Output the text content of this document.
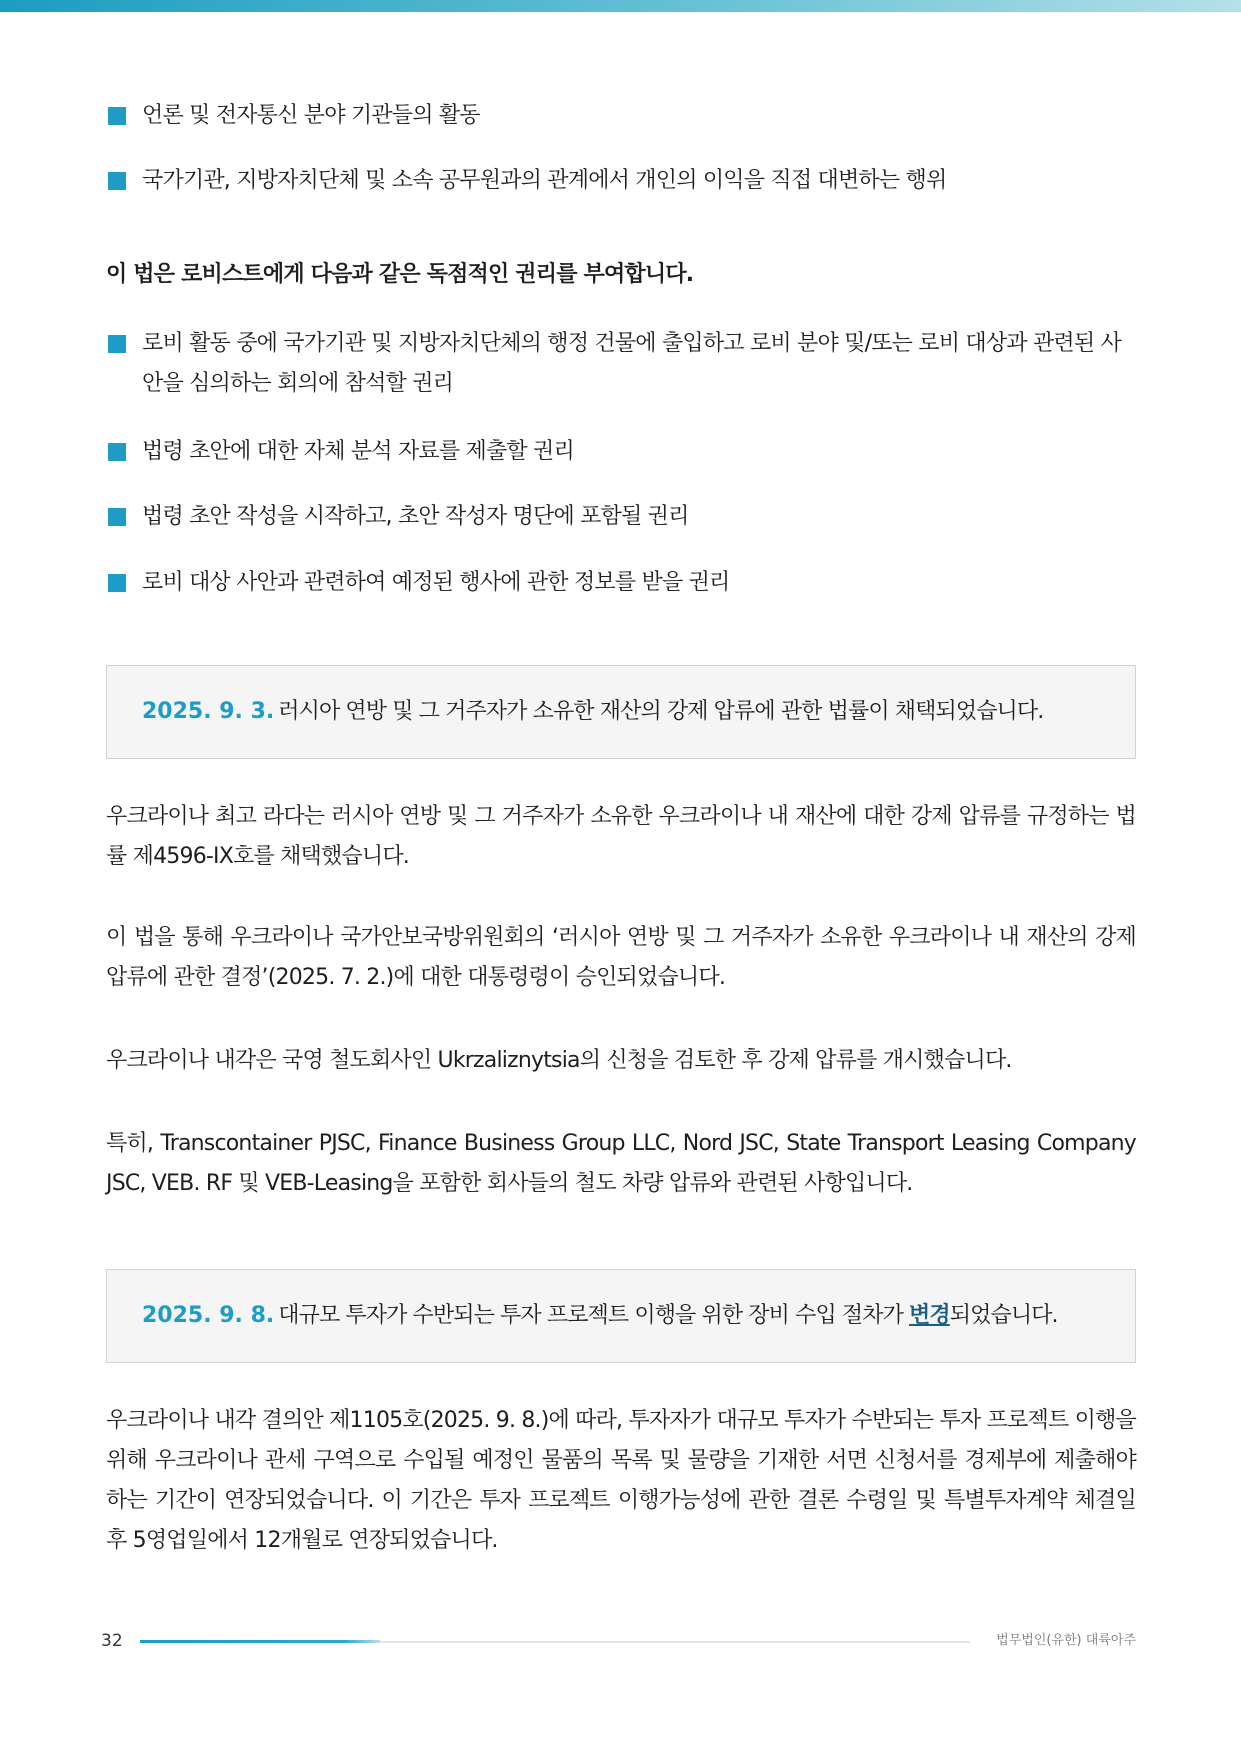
언론 및 전자통신 분야 기관들의 활동
국가기관, 지방자치단체 및 소속 공무원과의 관계에서 개인의 이익을 직접 대변하는 행위
이 법은 로비스트에게 다음과 같은 독점적인 권리를 부여합니다.
로비 활동 중에 국가기관 및 지방자치단체의 행정 건물에 출입하고 로비 분야 및/또는 로비 대상과 관련된 사안을 심의하는 회의에 참석할 권리
법령 초안에 대한 자체 분석 자료를 제출할 권리
법령 초안 작성을 시작하고, 초안 작성자 명단에 포함될 권리
로비 대상 사안과 관련하여 예정된 행사에 관한 정보를 받을 권리
2025. 9. 3. 러시아 연방 및 그 거주자가 소유한 재산의 강제 압류에 관한 법률이 채택되었습니다.

우크라이나 최고 라다는 러시아 연방 및 그 거주자가 소유한 우크라이나 내 재산에 대한 강제 압류를 규정하는 법률 제4596-IX호를 채택했습니다.

이 법을 통해 우크라이나 국가안보국방위원회의 ‘러시아 연방 및 그 거주자가 소유한 우크라이나 내 재산의 강제 압류에 관한 결정’(2025. 7. 2.)에 대한 대통령령이 승인되었습니다.

우크라이나 내각은 국영 철도회사인 Ukrzaliznytsia의 신청을 검토한 후 강제 압류를 개시했습니다.

특히, Transcontainer PJSC, Finance Business Group LLC, Nord JSC, State Transport Leasing Company JSC, VEB. RF 및 VEB-Leasing을 포함한 회사들의 철도 차량 압류와 관련된 사항입니다.

2025. 9. 8. 대규모 투자가 수반되는 투자 프로젝트 이행을 위한 장비 수입 절차가 변경되었습니다.

우크라이나 내각 결의안 제1105호(2025. 9. 8.)에 따라, 투자자가 대규모 투자가 수반되는 투자 프로젝트 이행을 위해 우크라이나 관세 구역으로 수입될 예정인 물품의 목록 및 물량을 기재한 서면 신청서를 경제부에 제출해야 하는 기간이 연장되었습니다. 이 기간은 투자 프로젝트 이행가능성에 관한 결론 수령일 및 특별투자계약 체결일 후 5영업일에서 12개월로 연장되었습니다.

32	법무법인(유한) 대륙아주
